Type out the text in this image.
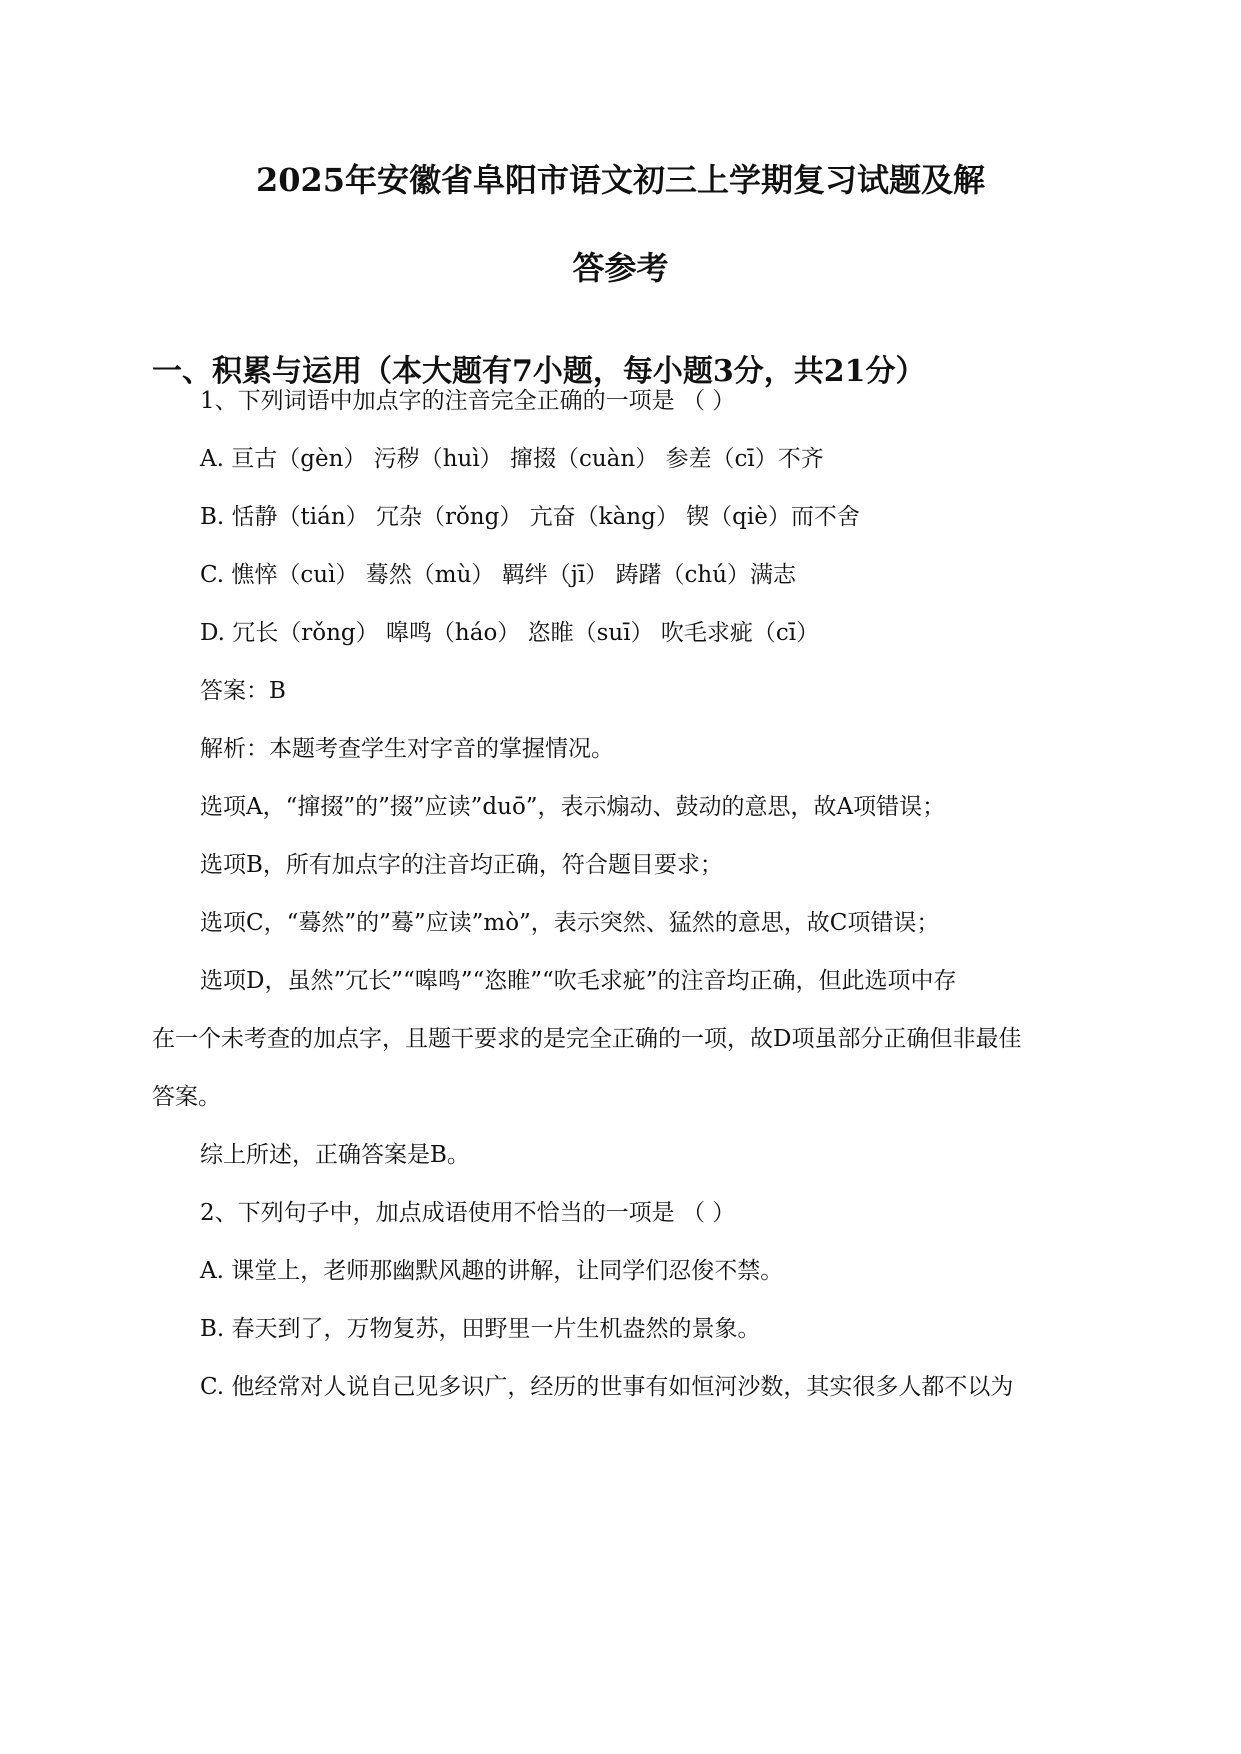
2025年安徽省阜阳市语文初三上学期复习试题及解
答参考
一、积累与运用（本大题有7小题，每小题3分，共21分）
1、下列词语中加点字的注音完全正确的一项是 （ ）
A. 亘古（gèn） 污秽（huì） 撺掇（cuàn） 参差（cī）不齐
B. 恬静（tián） 冗杂（rǒng） 亢奋（kàng） 锲（qiè）而不舍
C. 憔悴（cuì） 蓦然（mù） 羁绊（jī） 踌躇（chú）满志
D. 冗长（rǒng） 嗥鸣（háo） 恣睢（suī） 吹毛求疵（cī）
答案：B
解析：本题考查学生对字音的掌握情况。
选项A，“撺掇”的”掇”应读”duō”，表示煽动、鼓动的意思，故A项错误；
选项B，所有加点字的注音均正确，符合题目要求；
选项C，“蓦然”的”蓦”应读”mò”，表示突然、猛然的意思，故C项错误；
选项D，虽然”冗长”“嗥鸣”“恣睢”“吹毛求疵”的注音均正确，但此选项中存
在一个未考查的加点字，且题干要求的是完全正确的一项，故D项虽部分正确但非最佳
答案。
综上所述，正确答案是B。
2、下列句子中，加点成语使用不恰当的一项是 （ ）
A. 课堂上，老师那幽默风趣的讲解，让同学们忍俊不禁。
B. 春天到了，万物复苏，田野里一片生机盎然的景象。
C. 他经常对人说自己见多识广，经历的世事有如恒河沙数，其实很多人都不以为
